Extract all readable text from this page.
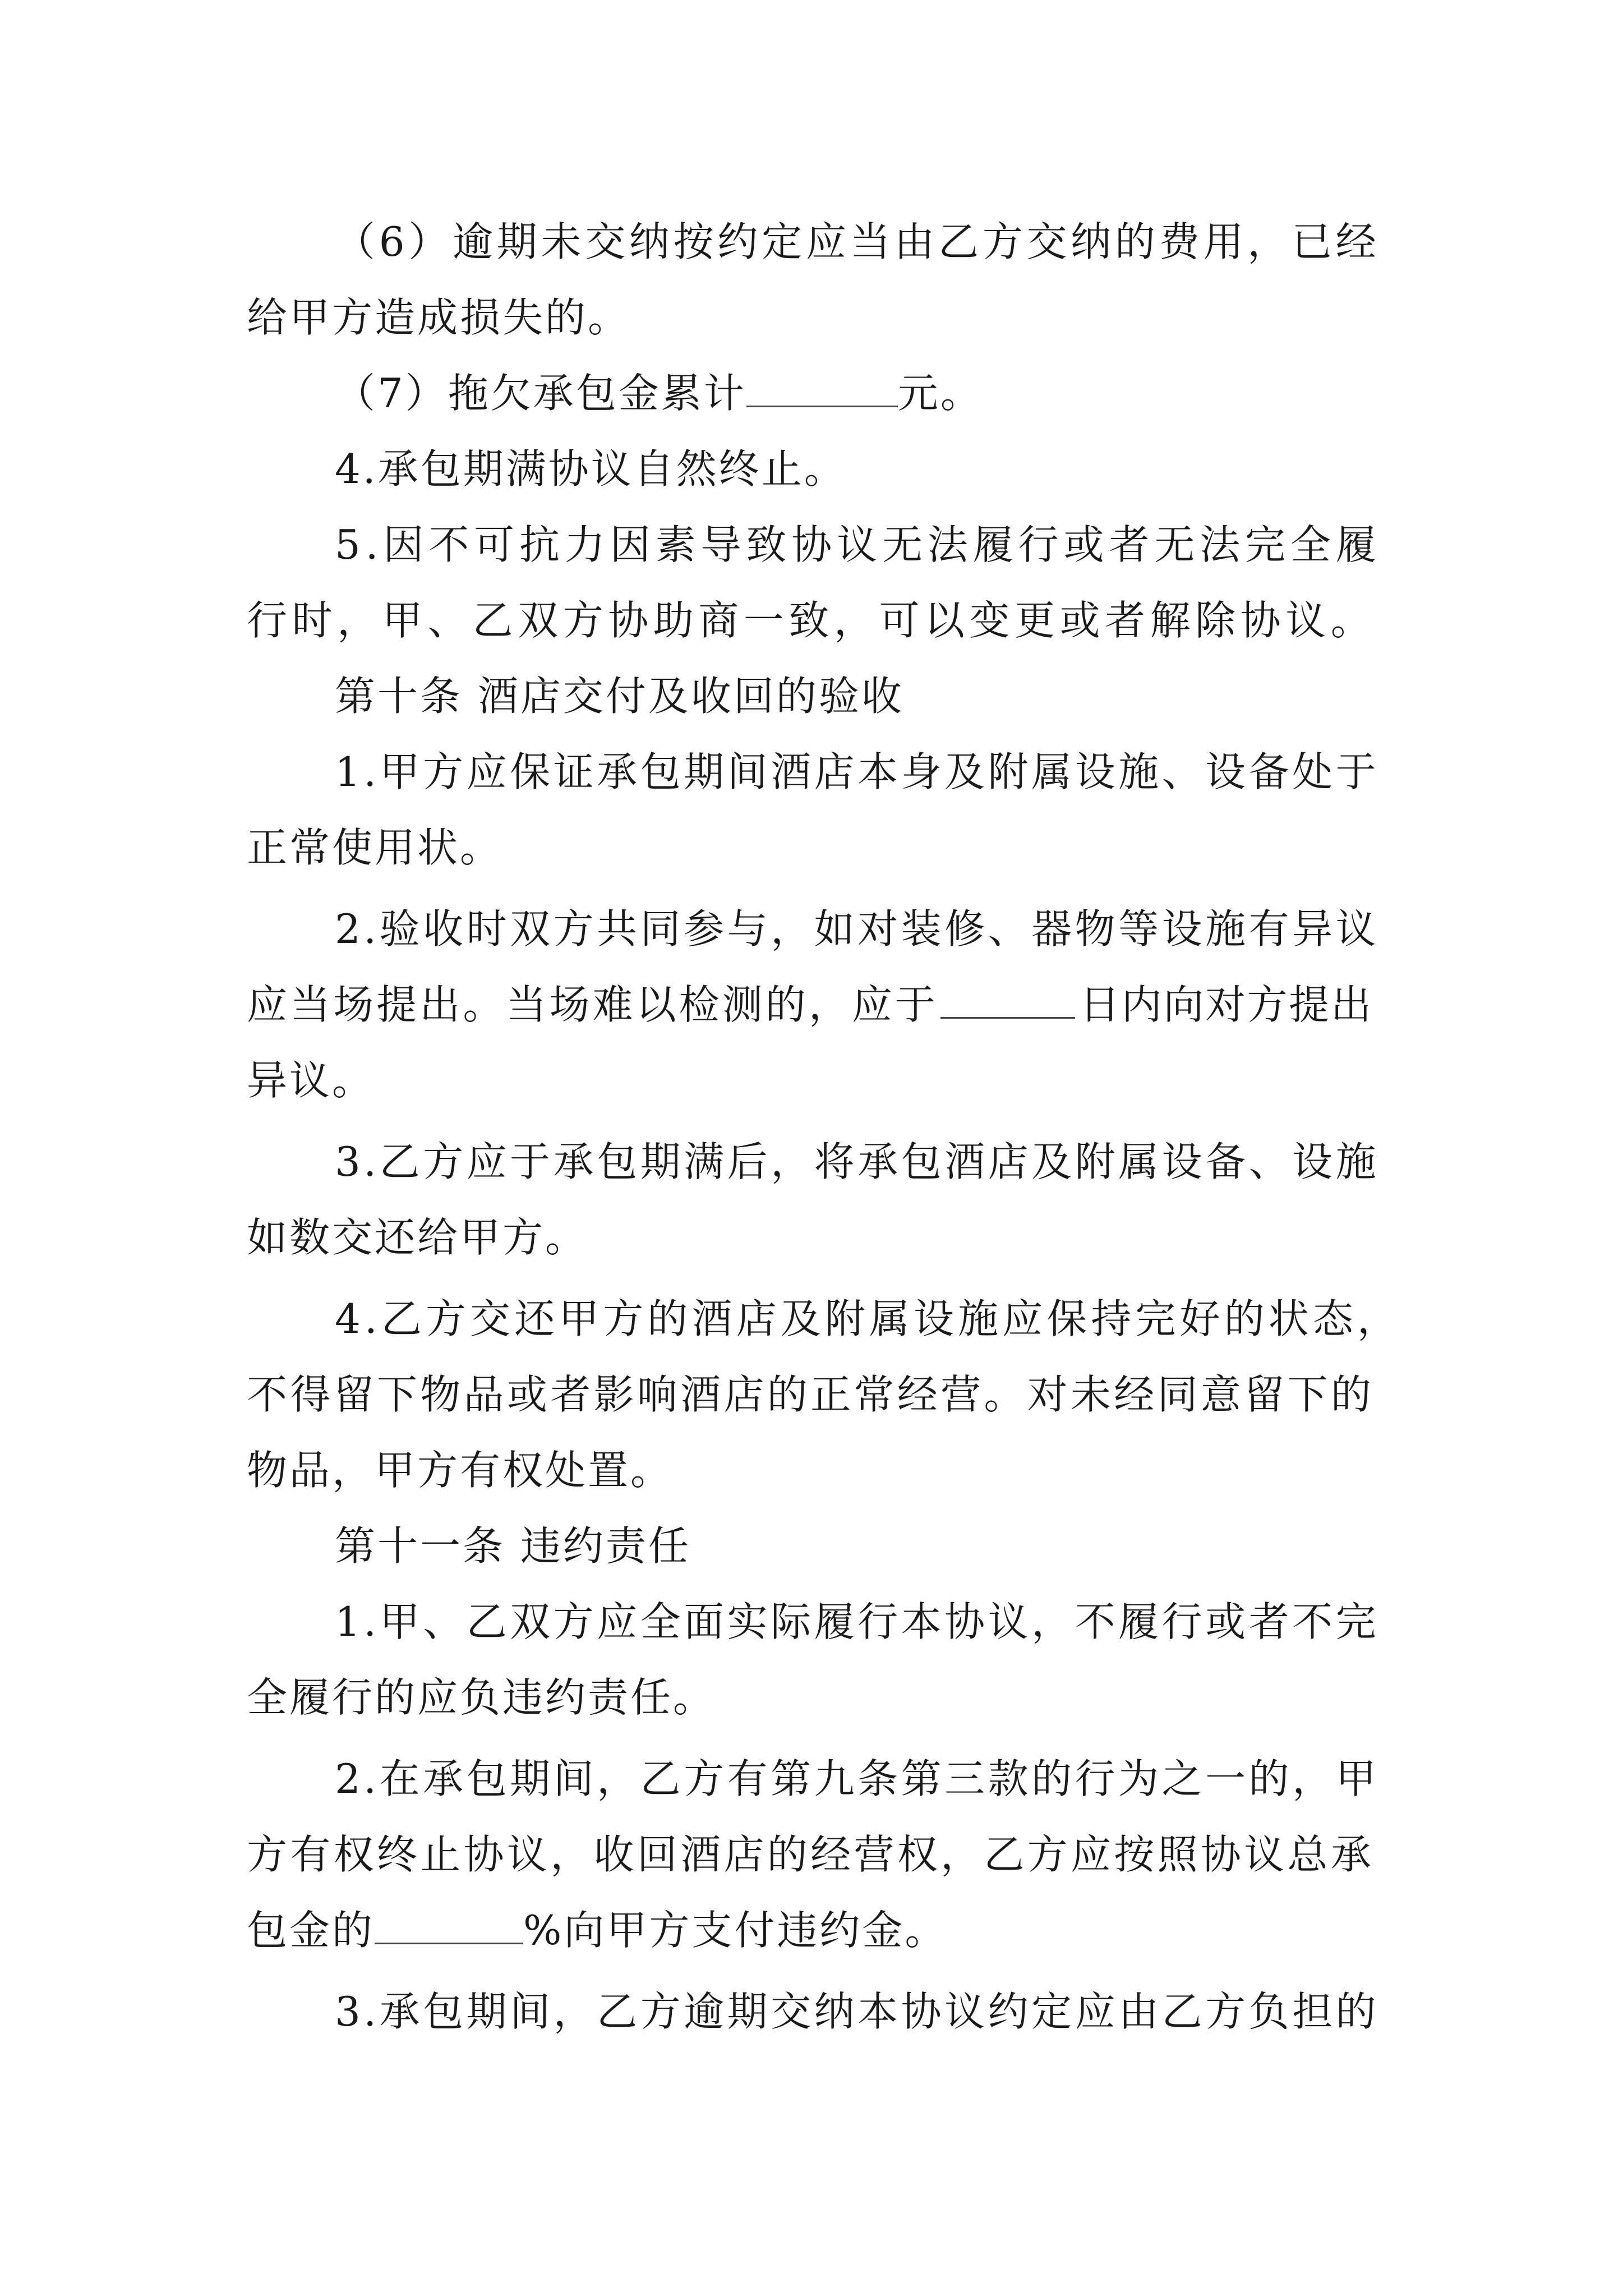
（ 6 ） 逾 期 未 交 纳 按 约 定 应 当 由 乙 方 交 纳 的 费 用 ， 已 经
给甲方造成损失的。
（7）拖欠承包金累计	元。
4.承包期满协议自然终止。
5 . 因 不 可 抗 力 因 素 导 致 协 议 无 法 履 行 或 者 无 法 完 全 履
行 时 ， 甲 、 乙 双 方 协 助 商 一 致 ， 可 以 变 更 或 者 解 除 协 议 。
第十条 酒店交付及收回的验收
1 . 甲 方 应 保 证 承 包 期 间 酒 店 本 身 及 附 属 设 施 、 设 备 处 于
正常使用状。
2 . 验 收 时 双 方 共 同 参 与 ， 如 对 装 修 、 器 物 等 设 施 有 异 议
应 当 场 提 出 。 当 场 难 以 检 测 的 ， 应 于	日 内 向 对 方 提 出
异议。
3 . 乙 方 应 于 承 包 期 满 后 ， 将 承 包 酒 店 及 附 属 设 备 、 设 施
如数交还给甲方。
4 . 乙 方 交 还 甲 方 的 酒 店 及 附 属 设 施 应 保 持 完 好 的 状 态 ，
不 得 留 下 物 品 或 者 影 响 酒 店 的 正 常 经 营 。 对 未 经 同 意 留 下 的
物品，甲方有权处置。
第十一条 违约责任
1 . 甲 、 乙 双 方 应 全 面 实 际 履 行 本 协 议 ， 不 履 行 或 者 不 完
全履行的应负违约责任。
2 . 在 承 包 期 间 ， 乙 方 有 第 九 条 第 三 款 的 行 为 之 一 的 ， 甲
方 有 权 终 止 协 议 ， 收 回 酒 店 的 经 营 权 ， 乙 方 应 按 照 协 议 总 承
包金的	%向甲方支付违约金。
3 . 承 包 期 间 ， 乙 方 逾 期 交 纳 本 协 议 约 定 应 由 乙 方 负 担 的
